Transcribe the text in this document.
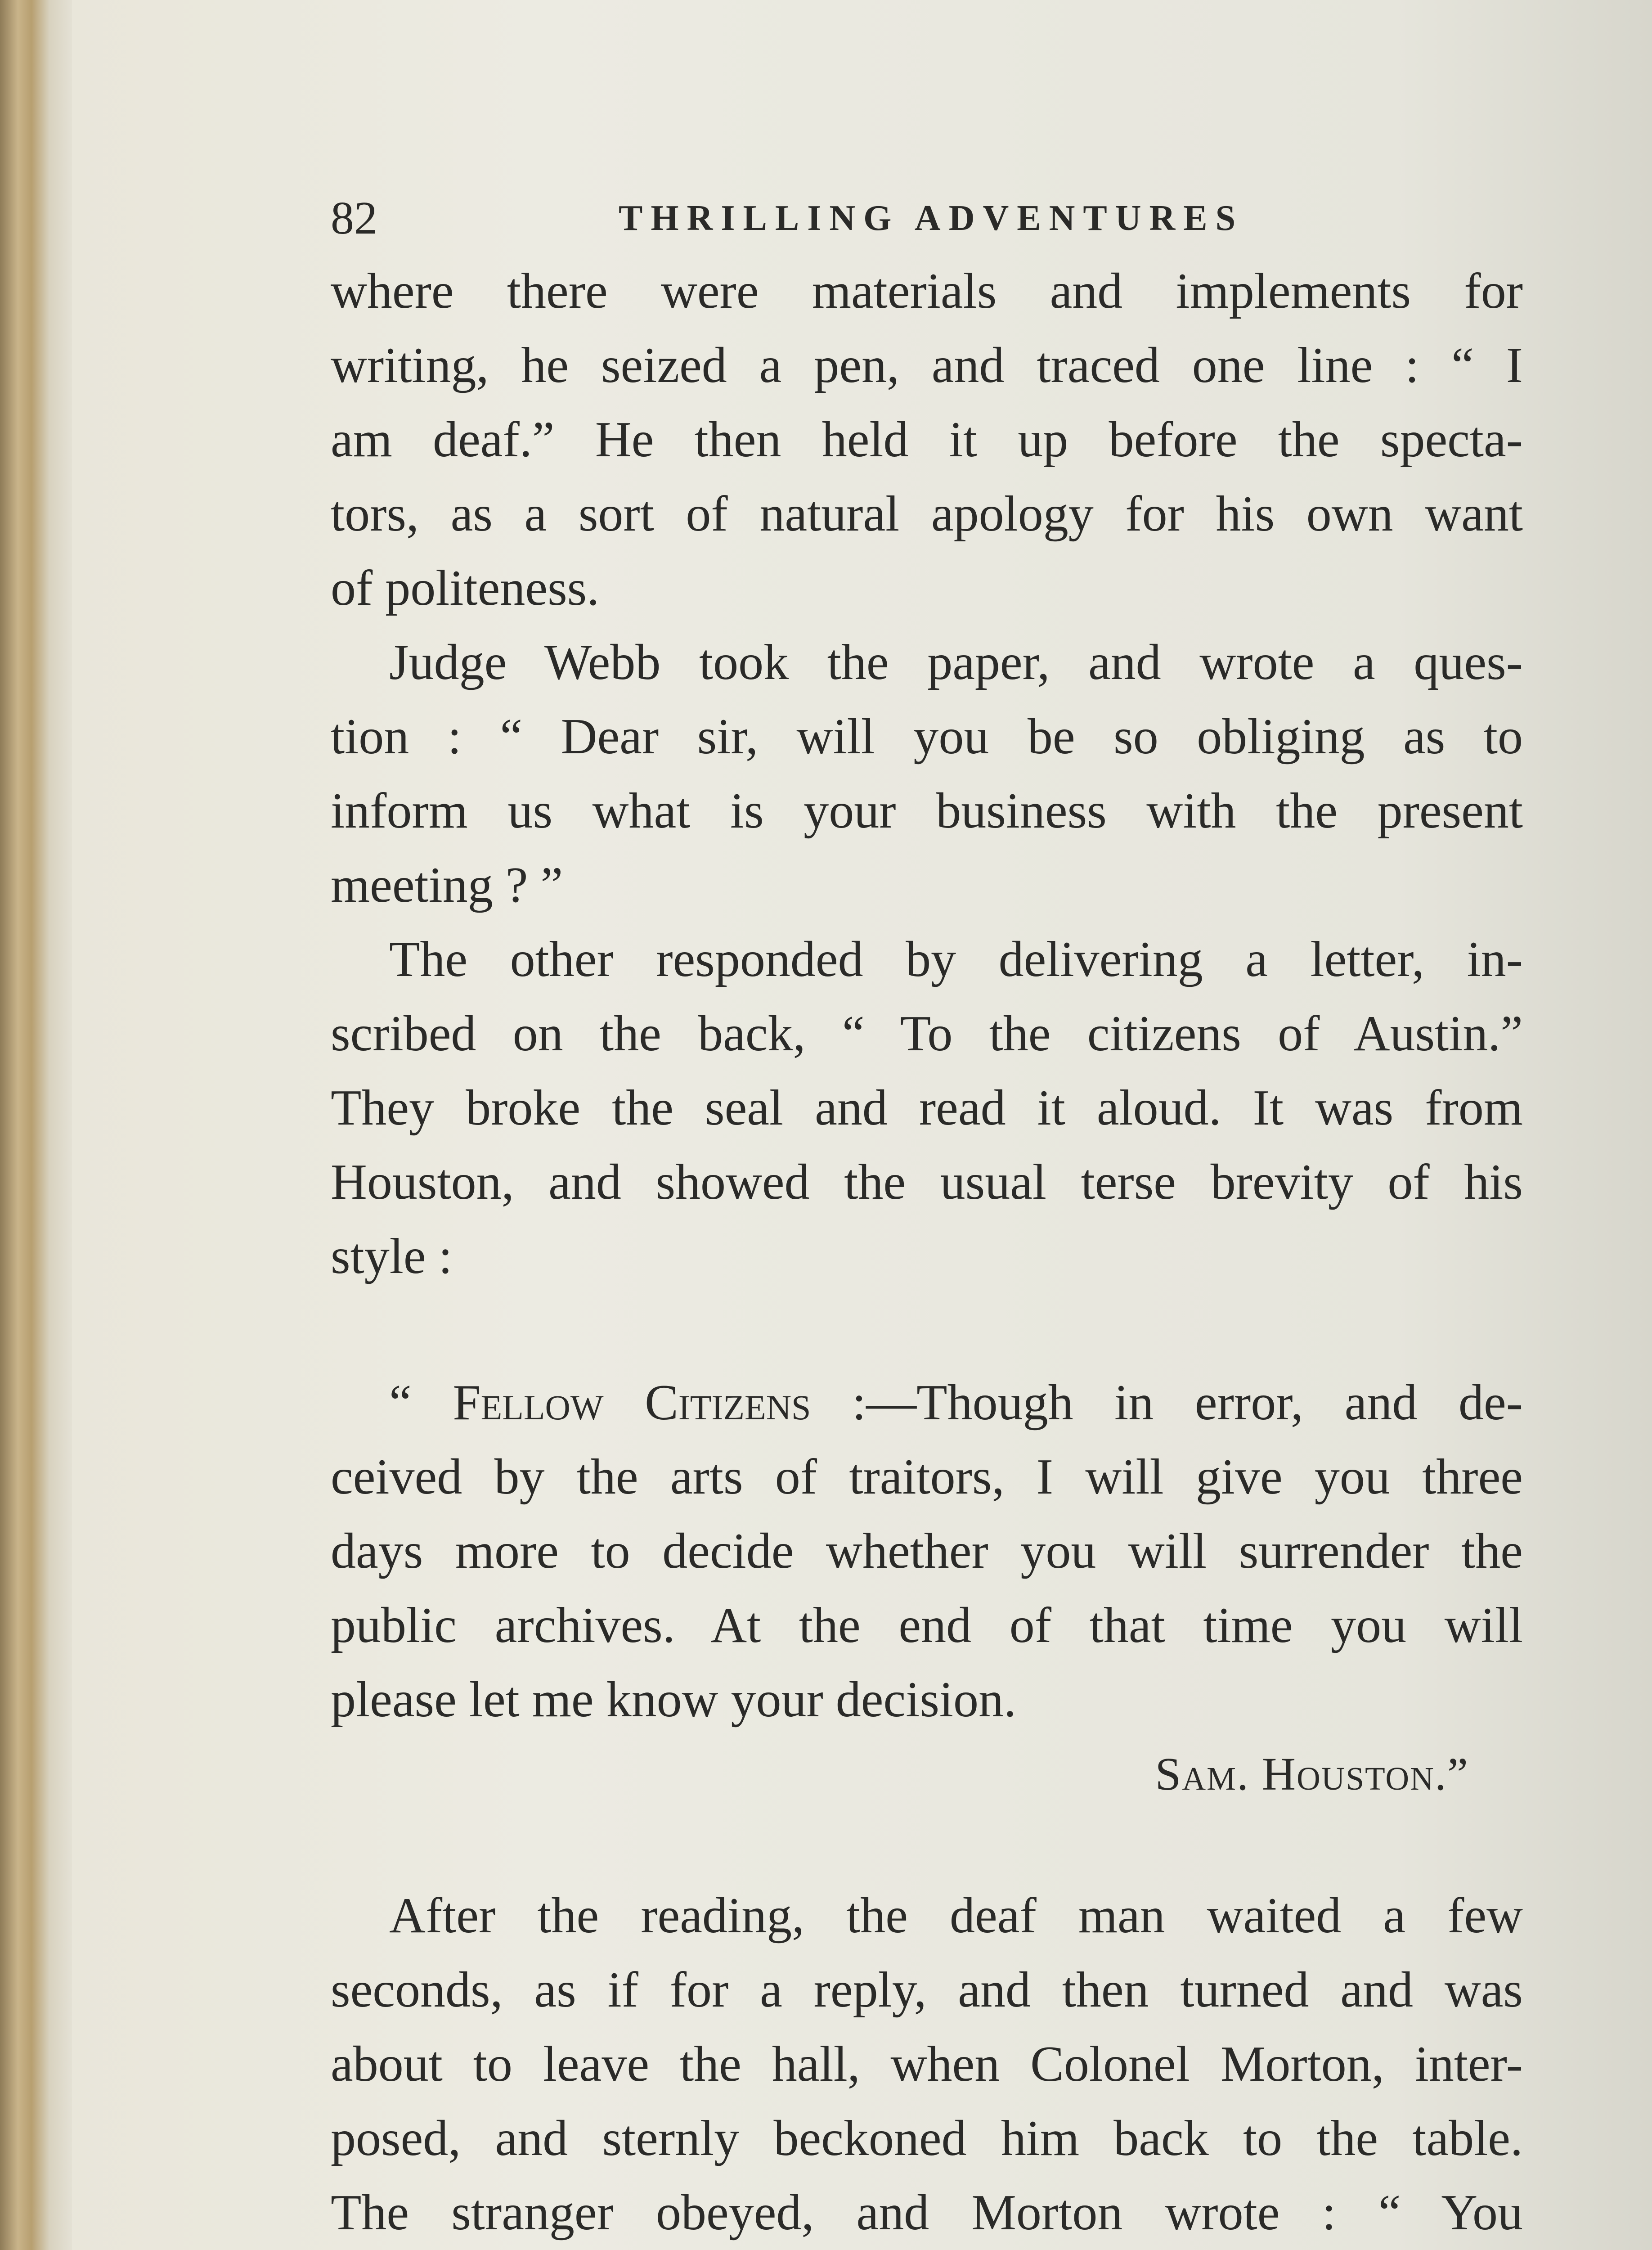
82	THRILLING ADVENTURES

where there were materials and implements for
writing, he seized a pen, and traced one line : “ I
am deaf.” He then held it up before the specta-
tors, as a sort of natural apology for his own want
of politeness.

Judge Webb took the paper, and wrote a ques-
tion : “ Dear sir, will you be so obliging as to
inform us what is your business with the present
meeting ? ”

The other responded by delivering a letter, in-
scribed on the back, “ To the citizens of Austin.”
They broke the seal and read it aloud. It was from
Houston, and showed the usual terse brevity of his
style :

“ Fellow Citizens :—Though in error, and de-
ceived by the arts of traitors, I will give you three
days more to decide whether you will surrender the
public archives. At the end of that time you will
please let me know your decision.
Sam. Houston.”

After the reading, the deaf man waited a few
seconds, as if for a reply, and then turned and was
about to leave the hall, when Colonel Morton, inter-
posed, and sternly beckoned him back to the table.
The stranger obeyed, and Morton wrote : “ You
